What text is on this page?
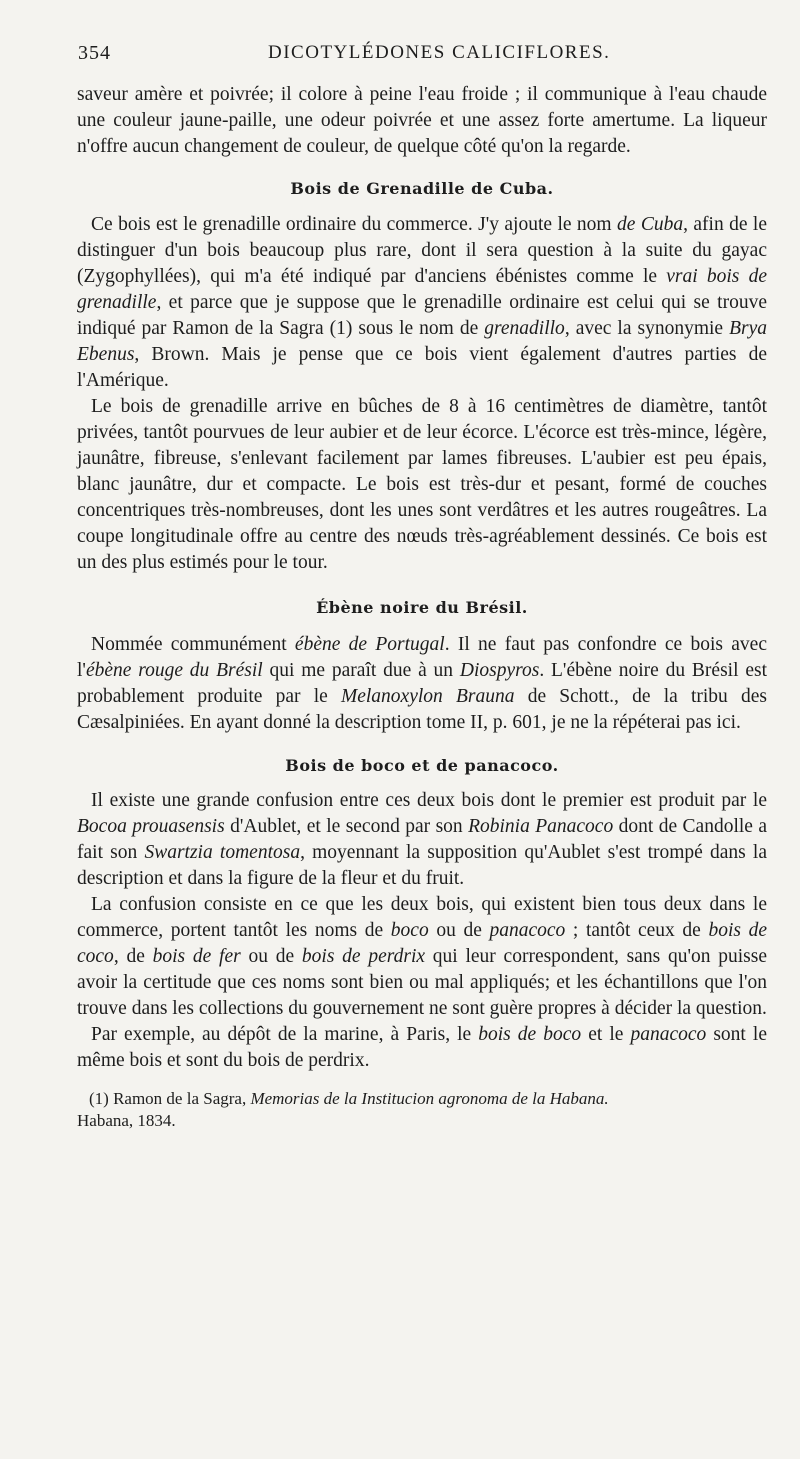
354	DICOTYLÉDONES CALICIFLORES.

saveur amère et poivrée; il colore à peine l'eau froide ; il communique à l'eau chaude une couleur jaune-paille, une odeur poivrée et une assez forte amertume. La liqueur n'offre aucun changement de couleur, de quelque côté qu'on la regarde.

Bois de Grenadille de Cuba.

Ce bois est le grenadille ordinaire du commerce. J'y ajoute le nom de Cuba, afin de le distinguer d'un bois beaucoup plus rare, dont il sera question à la suite du gayac (Zygophyllées), qui m'a été indiqué par d'anciens ébénistes comme le vrai bois de grenadille, et parce que je suppose que le grenadille ordinaire est celui qui se trouve indiqué par Ramon de la Sagra (1) sous le nom de grenadillo, avec la synonymie Brya Ebenus, Brown. Mais je pense que ce bois vient également d'autres parties de l'Amérique.

Le bois de grenadille arrive en bûches de 8 à 16 centimètres de diamètre, tantôt privées, tantôt pourvues de leur aubier et de leur écorce. L'écorce est très-mince, légère, jaunâtre, fibreuse, s'enlevant facilement par lames fibreuses. L'aubier est peu épais, blanc jaunâtre, dur et compacte. Le bois est très-dur et pesant, formé de couches concentriques très-nombreuses, dont les unes sont verdâtres et les autres rougeâtres. La coupe longitudinale offre au centre des nœuds très-agréablement dessinés. Ce bois est un des plus estimés pour le tour.

Ébène noire du Brésil.

Nommée communément ébène de Portugal. Il ne faut pas confondre ce bois avec l'ébène rouge du Brésil qui me paraît due à un Diospyros. L'ébène noire du Brésil est probablement produite par le Melanoxylon Brauna de Schott., de la tribu des Cæsalpiniées. En ayant donné la description tome II, p. 601, je ne la répéterai pas ici.

Bois de boco et de panacoco.

Il existe une grande confusion entre ces deux bois dont le premier est produit par le Bocoa prouasensis d'Aublet, et le second par son Robinia Panacoco dont de Candolle a fait son Swartzia tomentosa, moyennant la supposition qu'Aublet s'est trompé dans la description et dans la figure de la fleur et du fruit.

La confusion consiste en ce que les deux bois, qui existent bien tous deux dans le commerce, portent tantôt les noms de boco ou de panacoco ; tantôt ceux de bois de coco, de bois de fer ou de bois de perdrix qui leur correspondent, sans qu'on puisse avoir la certitude que ces noms sont bien ou mal appliqués; et les échantillons que l'on trouve dans les collections du gouvernement ne sont guère propres à décider la question.

Par exemple, au dépôt de la marine, à Paris, le bois de boco et le panacoco sont le même bois et sont du bois de perdrix.

(1) Ramon de la Sagra, Memorias de la Institucion agronoma de la Habana.
Habana, 1834.
